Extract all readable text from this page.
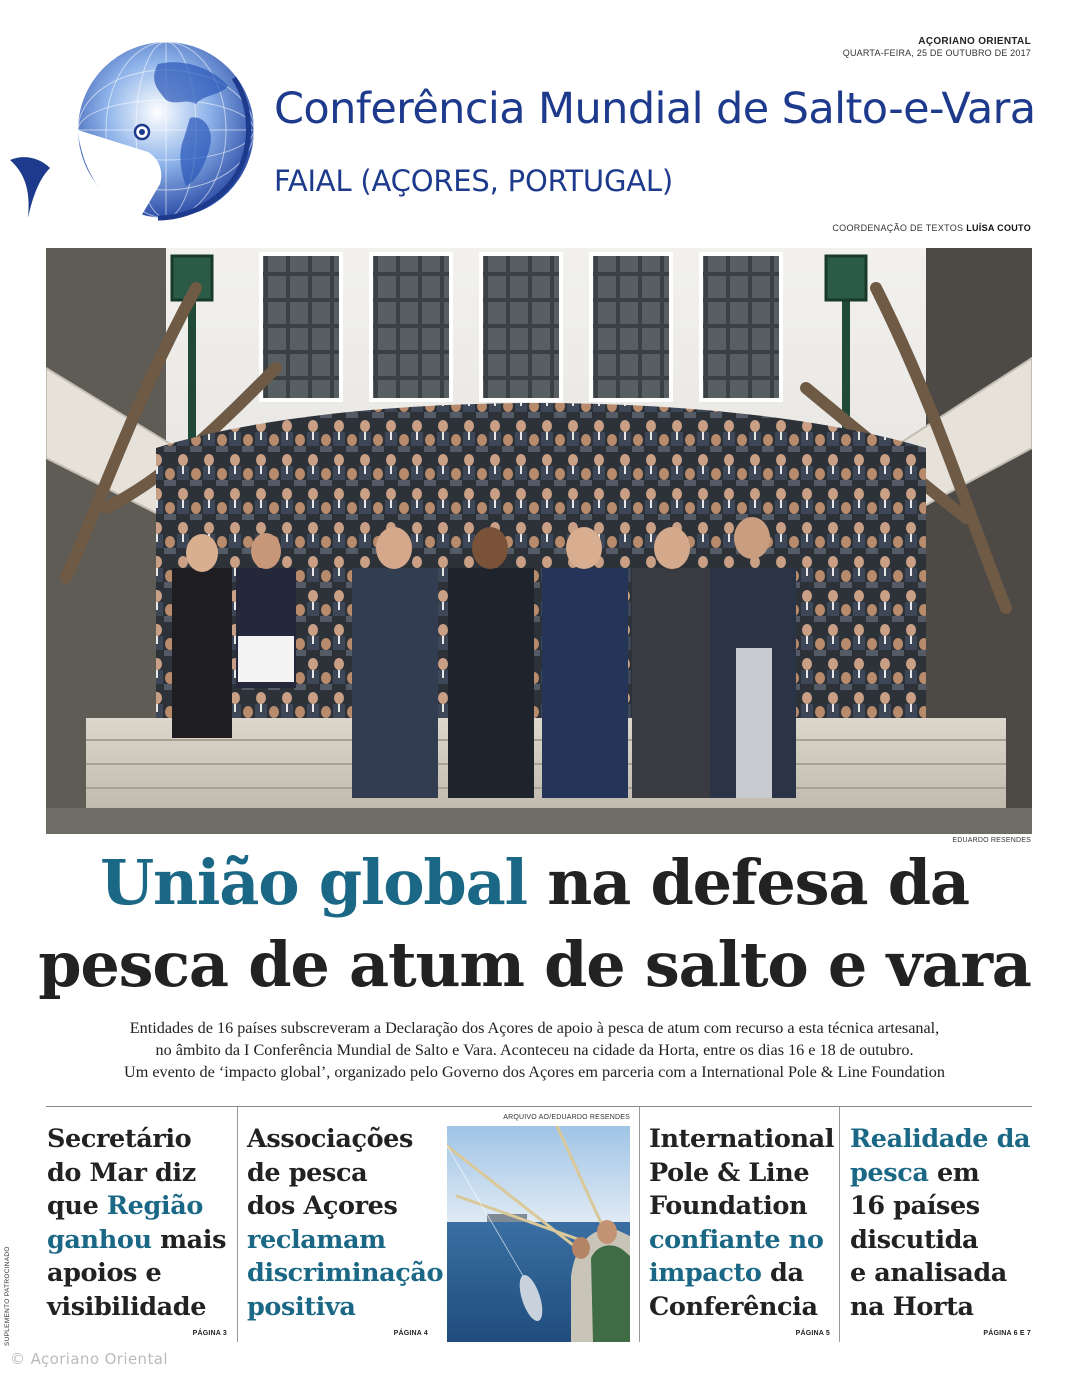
AÇORIANO ORIENTAL
QUARTA-FEIRA, 25 DE OUTUBRO DE 2017
Conferência Mundial de Salto-e-Vara
FAIAL (AÇORES, PORTUGAL)
COORDENAÇÃO DE TEXTOS LUÍSA COUTO
EDUARDO RESENDES
União global na defesa da
pesca de atum de salto e vara
Entidades de 16 países subscreveram a Declaração dos Açores de apoio à pesca de atum com recurso a esta técnica artesanal,
no âmbito da I Conferência Mundial de Salto e Vara. Aconteceu na cidade da Horta, entre os dias 16 e 18 de outubro.
Um evento de ‘impacto global’, organizado pelo Governo dos Açores em parceria com a International Pole & Line Foundation
Secretário
do Mar diz
que Região
ganhou mais
apoios e
visibilidade
Associações
de pesca
dos Açores
reclamam
discriminação
positiva
International
Pole & Line
Foundation
confiante no
impacto da
Conferência
Realidade da
pesca em
16 países
discutida
e analisada
na Horta
PÁGINA 3	PÁGINA 4	PÁGINA 5	PÁGINA 6 E 7
ARQUIVO AO/EDUARDO RESENDES
SUPLEMENTO PATROCINADO
© Açoriano Oriental
